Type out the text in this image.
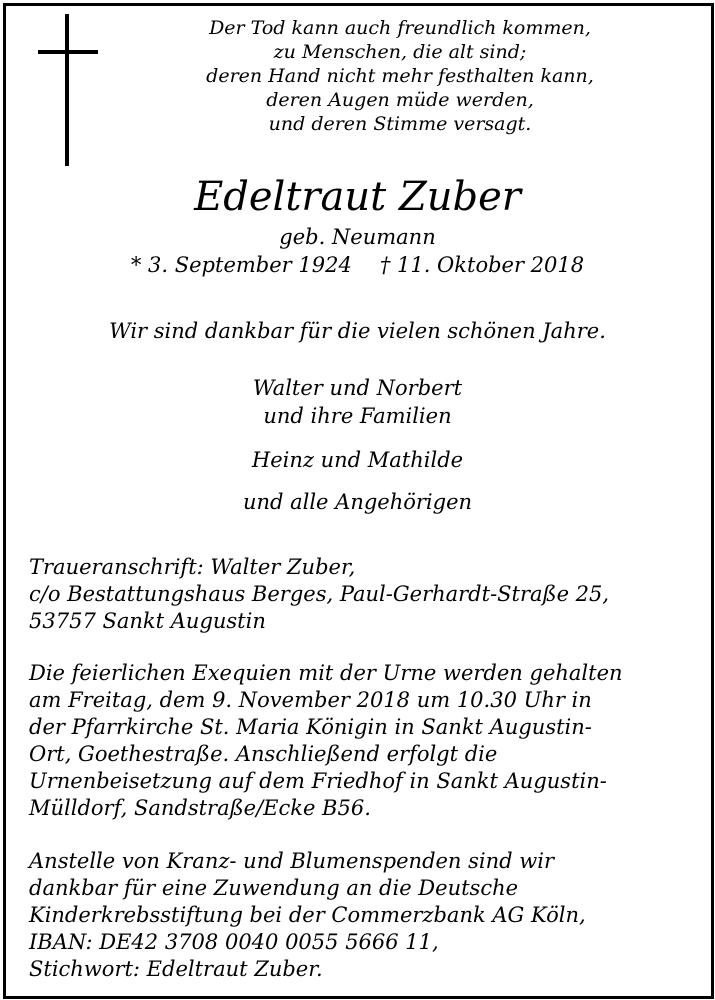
Der Tod kann auch freundlich kommen,
zu Menschen, die alt sind;
deren Hand nicht mehr festhalten kann,
deren Augen müde werden,
und deren Stimme versagt.
Edeltraut Zuber
geb. Neumann
* 3. September 1924 † 11. Oktober 2018
Wir sind dankbar für die vielen schönen Jahre.
Walter und Norbert
und ihre Familien
Heinz und Mathilde
und alle Angehörigen
Traueranschrift: Walter Zuber,
c/o Bestattungshaus Berges, Paul-Gerhardt-Straße 25,
53757 Sankt Augustin
Die feierlichen Exequien mit der Urne werden gehalten
am Freitag, dem 9. November 2018 um 10.30 Uhr in
der Pfarrkirche St. Maria Königin in Sankt Augustin-
Ort, Goethestraße. Anschließend erfolgt die
Urnenbeisetzung auf dem Friedhof in Sankt Augustin-
Mülldorf, Sandstraße/Ecke B56.
Anstelle von Kranz- und Blumenspenden sind wir
dankbar für eine Zuwendung an die Deutsche
Kinderkrebsstiftung bei der Commerzbank AG Köln,
IBAN: DE42 3708 0040 0055 5666 11,
Stichwort: Edeltraut Zuber.
